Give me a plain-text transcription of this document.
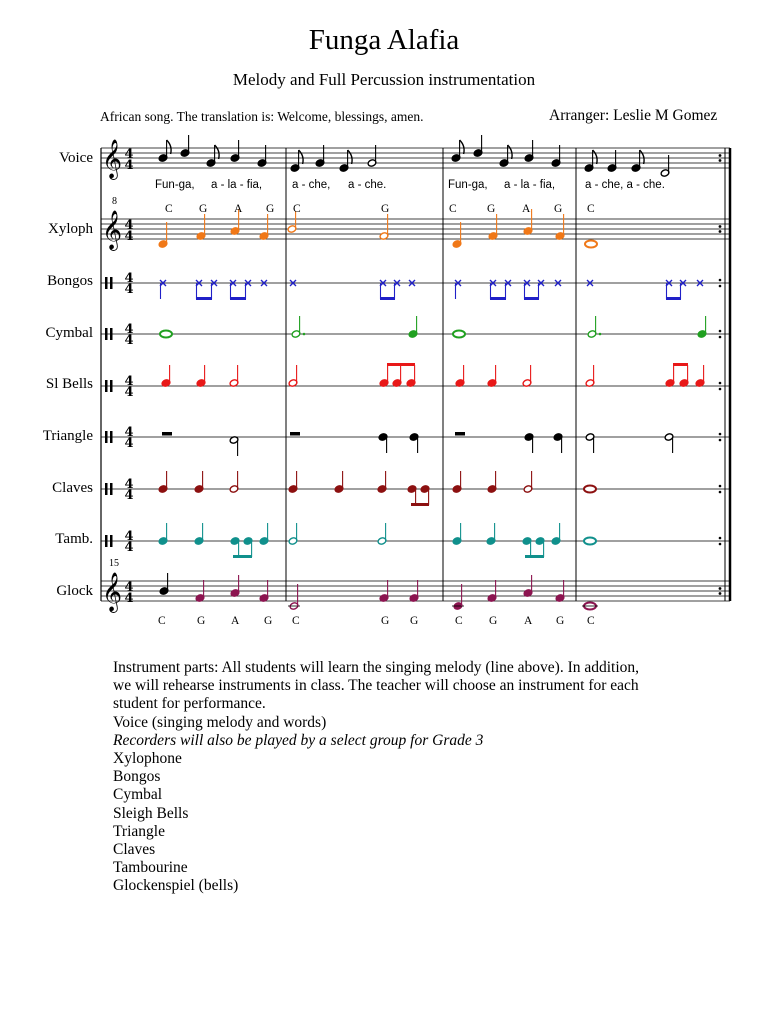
Funga Alafia
Melody and Full Percussion instrumentation
African song. The translation is: Welcome, blessings, amen.	Arranger: Leslie M Gomez
𝄞
𝄞
𝄞
4
4
4
4
4
4
4
4
4
4
4
4
4
4
4
4
4
4
Voice
Xyloph
Bongos
Cymbal
Sl Bells
Triangle
Claves
Tamb.
Glock
8
15
Fun-ga, a - la - fia,	a - che, a - che.	Fun-ga, a - la - fia,	a - che, a - che.
C G A G C	G	C	G A G C
C	G A G C	G G	C G A G C
Instrument parts: All students will learn the singing melody (line above). In addition,
we will rehearse instruments in class. The teacher will choose an instrument for each
student for performance.
Voice (singing melody and words)
Recorders will also be played by a select group for Grade 3
Xylophone
Bongos
Cymbal
Sleigh Bells
Triangle
Claves
Tambourine
Glockenspiel (bells)
